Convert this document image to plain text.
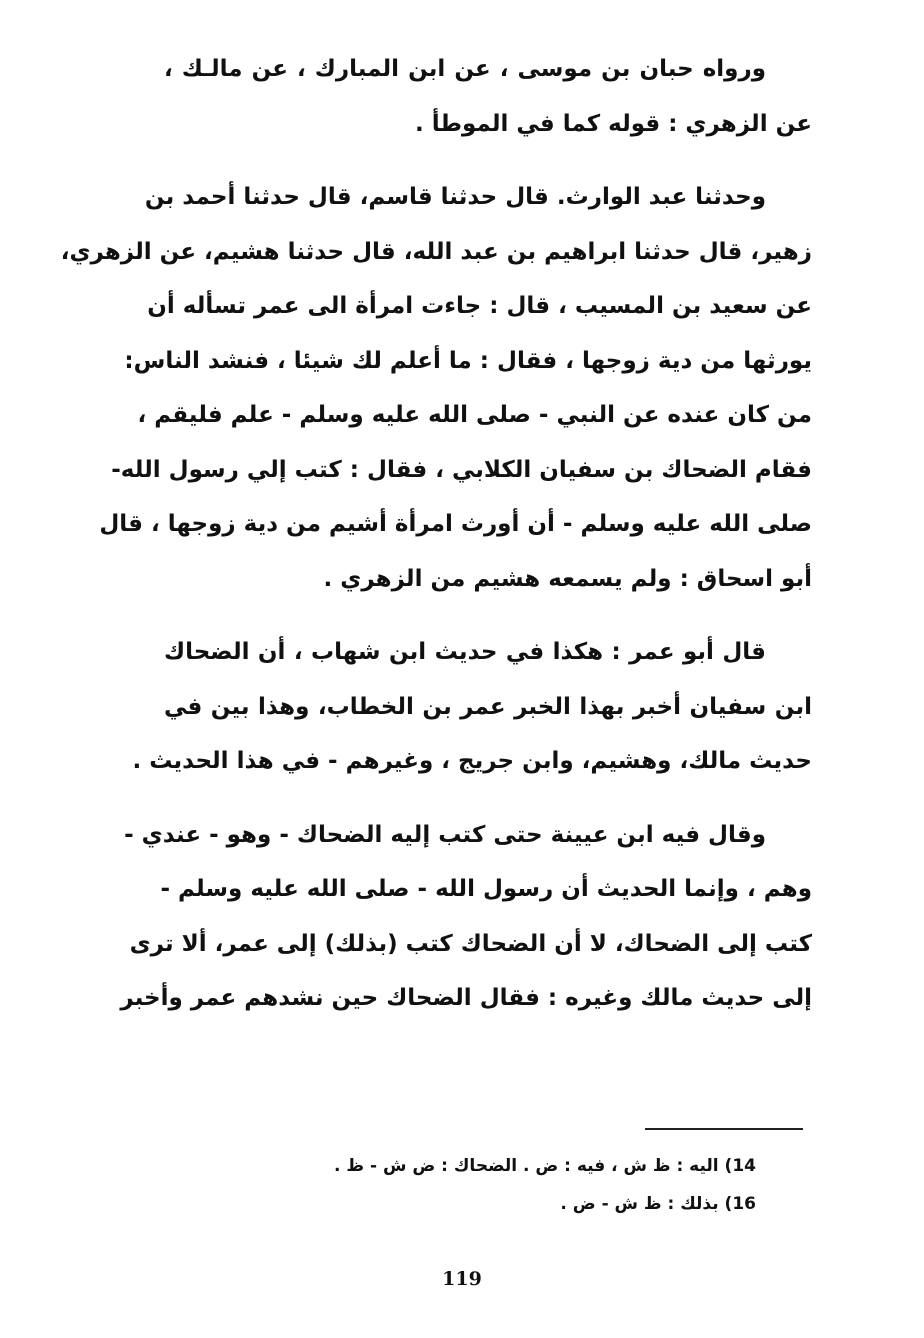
ورواه حبان بن موسى ، عن ابن المبارك ، عن مالـك ،
عن الزهري : قوله كما في الموطأ .

وحدثنا عبد الوارث. قال حدثنا قاسم، قال حدثنا أحمد بن
زهير، قال حدثنا ابراهيم بن عبد الله، قال حدثنا هشيم، عن الزهري،
عن سعيد بن المسيب ، قال : جاءت امرأة الى عمر تسأله أن
يورثها من دية زوجها ، فقال : ما أعلم لك شيئا ، فنشد الناس:
من كان عنده عن النبي - صلى الله عليه وسلم - علم فليقم ،
فقام الضحاك بن سفيان الكلابي ، فقال : كتب إلي رسول الله-
صلى الله عليه وسلم - أن أورث امرأة أشيم من دية زوجها ، قال
أبو اسحاق : ولم يسمعه هشيم من الزهري .

قال أبو عمر : هكذا في حديث ابن شهاب ، أن الضحاك
ابن سفيان أخبر بهذا الخبر عمر بن الخطاب، وهذا بين في
حديث مالك، وهشيم، وابن جريج ، وغيرهم - في هذا الحديث .

وقال فيه ابن عيينة حتى كتب إليه الضحاك - وهو - عندي -
وهم ، وإنما الحديث أن رسول الله - صلى الله عليه وسلم -
كتب إلى الضحاك، لا أن الضحاك كتب (بذلك) إلى عمر، ألا ترى
إلى حديث مالك وغيره : فقال الضحاك حين نشدهم عمر وأخبر

14) اليه : ظ ش ، فيه : ض . الضحاك : ض ش - ظ .
16) بذلك : ظ ش - ض .
119
